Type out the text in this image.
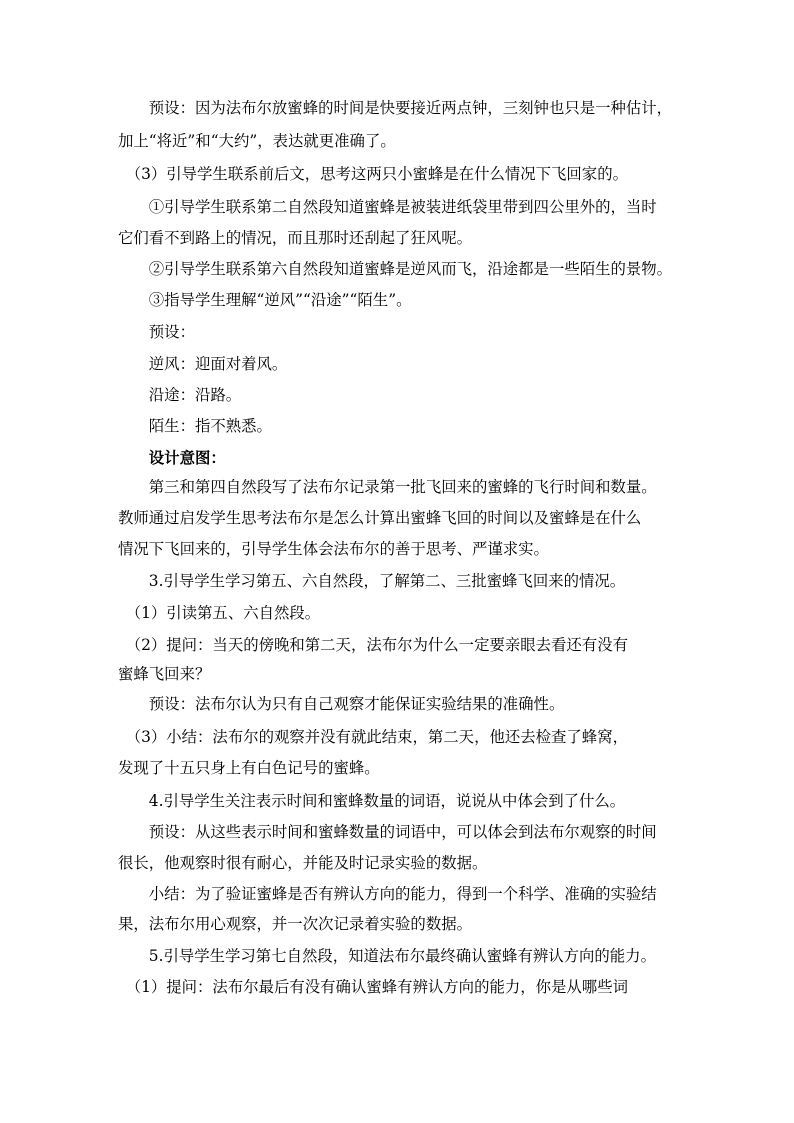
　　预设：因为法布尔放蜜蜂的时间是快要接近两点钟，三刻钟也只是一种估计，
加上“将近”和“大约”，表达就更准确了。
　（3）引导学生联系前后文，思考这两只小蜜蜂是在什么情况下飞回家的。
　　①引导学生联系第二自然段知道蜜蜂是被装进纸袋里带到四公里外的，当时
它们看不到路上的情况，而且那时还刮起了狂风呢。
　　②引导学生联系第六自然段知道蜜蜂是逆风而飞，沿途都是一些陌生的景物。
　　③指导学生理解“逆风”“沿途”“陌生”。
　　预设：
　　逆风：迎面对着风。
　　沿途：沿路。
　　陌生：指不熟悉。
　　设计意图：
　　第三和第四自然段写了法布尔记录第一批飞回来的蜜蜂的飞行时间和数量。
教师通过启发学生思考法布尔是怎么计算出蜜蜂飞回的时间以及蜜蜂是在什么
情况下飞回来的，引导学生体会法布尔的善于思考、严谨求实。
　　3.引导学生学习第五、六自然段，了解第二、三批蜜蜂飞回来的情况。
　（1）引读第五、六自然段。
　（2）提问：当天的傍晚和第二天，法布尔为什么一定要亲眼去看还有没有
蜜蜂飞回来？
　　预设：法布尔认为只有自己观察才能保证实验结果的准确性。
　（3）小结：法布尔的观察并没有就此结束，第二天，他还去检查了蜂窝，
发现了十五只身上有白色记号的蜜蜂。
　　4.引导学生关注表示时间和蜜蜂数量的词语，说说从中体会到了什么。
　　预设：从这些表示时间和蜜蜂数量的词语中，可以体会到法布尔观察的时间
很长，他观察时很有耐心，并能及时记录实验的数据。
　　小结：为了验证蜜蜂是否有辨认方向的能力，得到一个科学、准确的实验结
果，法布尔用心观察，并一次次记录着实验的数据。
　　5.引导学生学习第七自然段，知道法布尔最终确认蜜蜂有辨认方向的能力。
　（1）提问：法布尔最后有没有确认蜜蜂有辨认方向的能力，你是从哪些词
